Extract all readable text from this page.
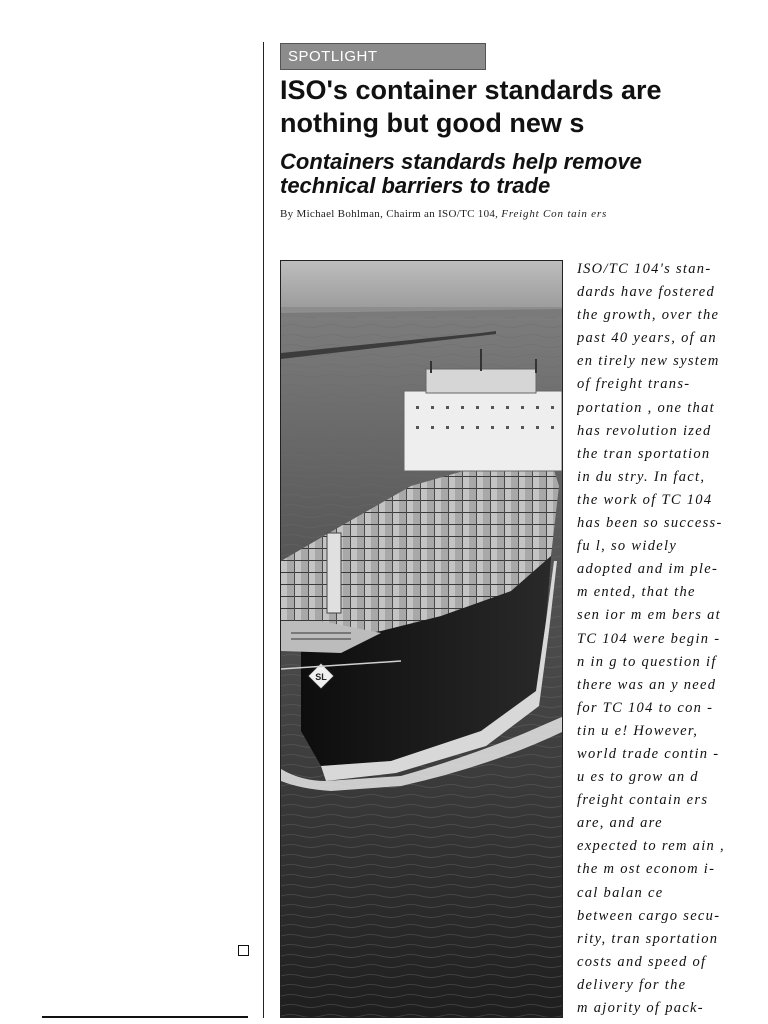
SPOTLIGHT
ISO's container standards are
nothing but good new s
Containers standards help remove
technical barriers to trade
By Michael Bohlman, Chairm an ISO/TC 104, Freight Con tain ers
SL
ISO/TC 104's stan-
dards have fostered
the growth, over the
past 40 years, of an
en tirely new system
of freight trans-
portation , one that
has revolution ized
the tran sportation
in du stry. In fact,
the work of TC 104
has been so success-
fu l, so widely
adopted and im ple-
m ented, that the
sen ior m em bers at
TC 104 were begin -
n in g to question if
there was an y need
for TC 104 to con -
tin u e! However,
world trade contin -
u es to grow an d
freight contain ers
are, and are
expected to rem ain ,
the m ost econom i-
cal balan ce
between cargo secu-
rity, tran sportation
costs and speed of
delivery for the
m ajority of pack-
